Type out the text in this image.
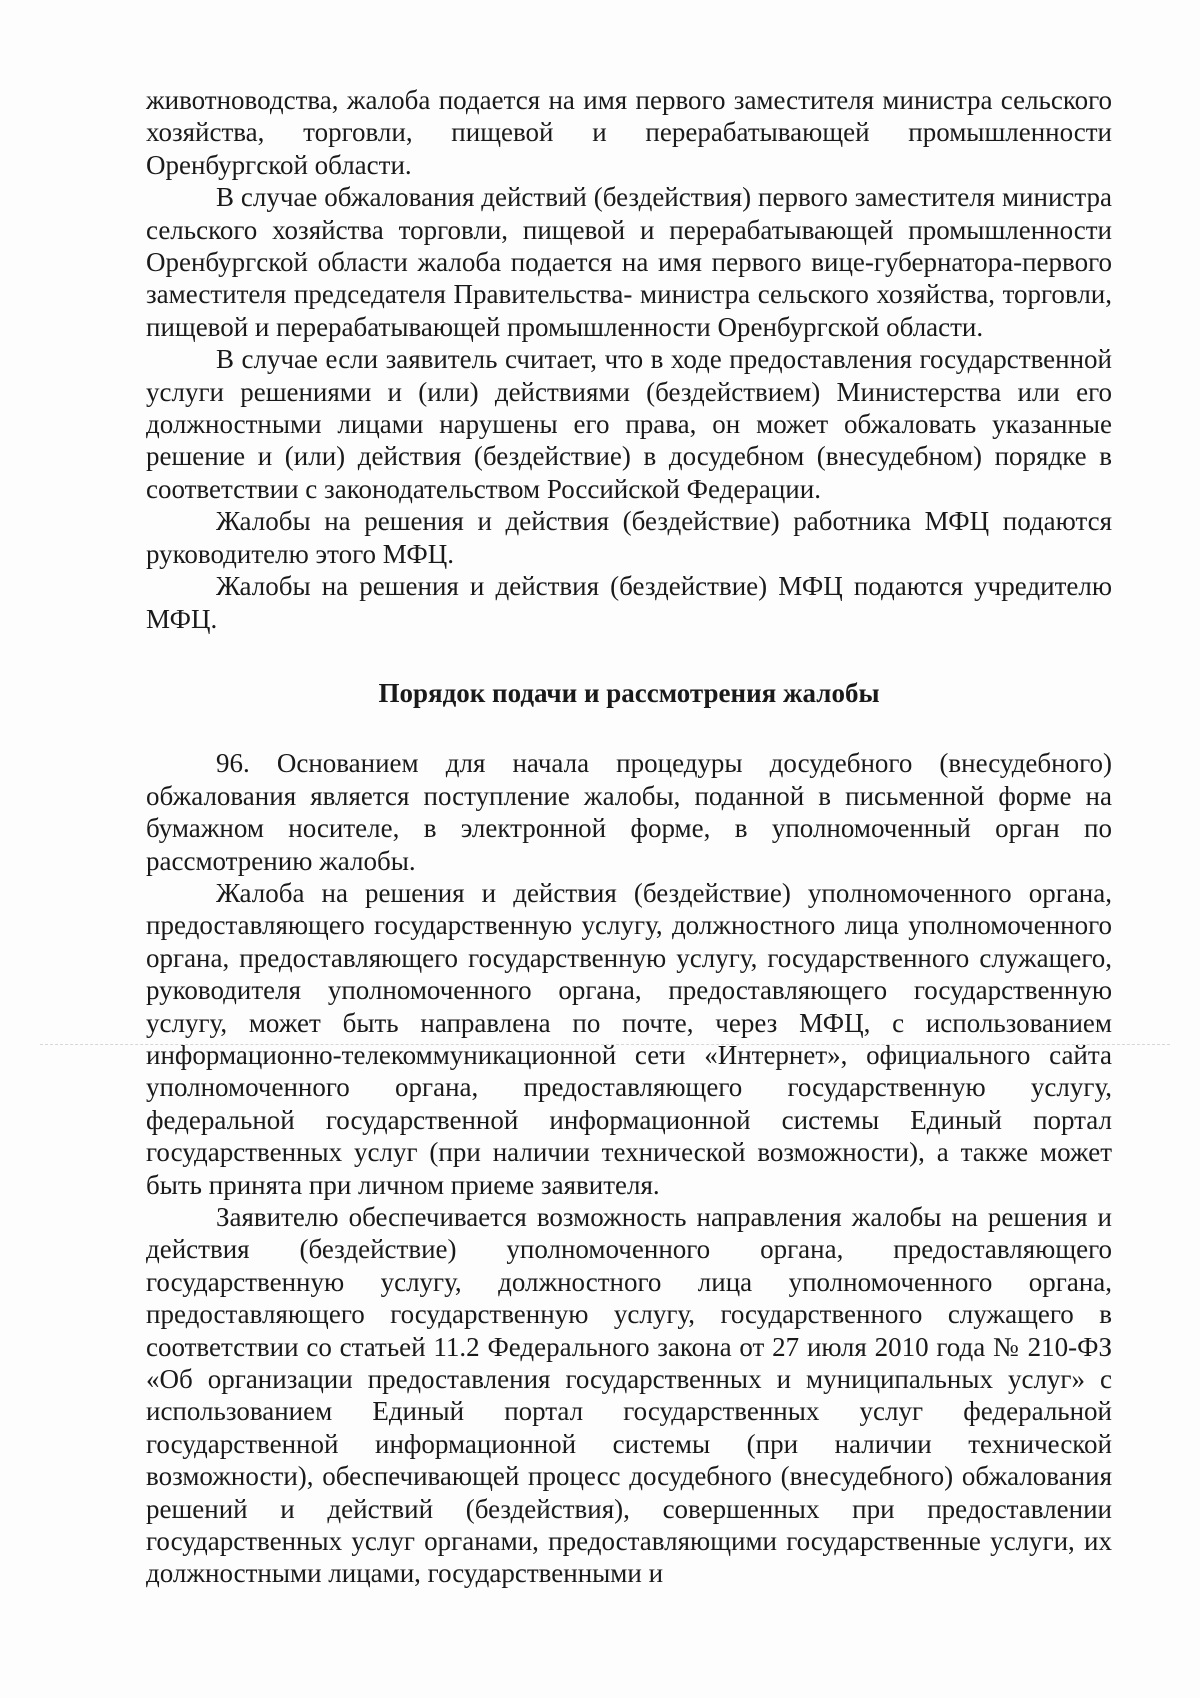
животноводства, жалоба подается на имя первого заместителя министра сельского хозяйства, торговли, пищевой и перерабатывающей промышленности Оренбургской области.

В случае обжалования действий (бездействия) первого заместителя министра сельского хозяйства торговли, пищевой и перерабатывающей промышленности Оренбургской области жалоба подается на имя первого вице-губернатора-первого заместителя председателя Правительства- министра сельского хозяйства, торговли, пищевой и перерабатывающей промышленности Оренбургской области.

В случае если заявитель считает, что в ходе предоставления государственной услуги решениями и (или) действиями (бездействием) Министерства или его должностными лицами нарушены его права, он может обжаловать указанные решение и (или) действия (бездействие) в досудебном (внесудебном) порядке в соответствии с законодательством Российской Федерации.

Жалобы на решения и действия (бездействие) работника МФЦ подаются руководителю этого МФЦ.

Жалобы на решения и действия (бездействие) МФЦ подаются учредителю МФЦ.

Порядок подачи и рассмотрения жалобы

96. Основанием для начала процедуры досудебного (внесудебного) обжалования является поступление жалобы, поданной в письменной форме на бумажном носителе, в электронной форме, в уполномоченный орган по рассмотрению жалобы.

Жалоба на решения и действия (бездействие) уполномоченного органа, предоставляющего государственную услугу, должностного лица уполномоченного органа, предоставляющего государственную услугу, государственного служащего, руководителя уполномоченного органа, предоставляющего государственную услугу, может быть направлена по почте, через МФЦ, с использованием информационно-телекоммуникационной сети «Интернет», официального сайта уполномоченного органа, предоставляющего государственную услугу, федеральной государственной информационной системы Единый портал государственных услуг (при наличии технической возможности), а также может быть принята при личном приеме заявителя.

Заявителю обеспечивается возможность направления жалобы на решения и действия (бездействие) уполномоченного органа, предоставляющего государственную услугу, должностного лица уполномоченного органа, предоставляющего государственную услугу, государственного служащего в соответствии со статьей 11.2 Федерального закона от 27 июля 2010 года № 210-ФЗ «Об организации предоставления государственных и муниципальных услуг» с использованием Единый портал государственных услуг федеральной государственной информационной системы (при наличии технической возможности), обеспечивающей процесс досудебного (внесудебного) обжалования решений и действий (бездействия), совершенных при предоставлении государственных услуг органами, предоставляющими государственные услуги, их должностными лицами, государственными и
